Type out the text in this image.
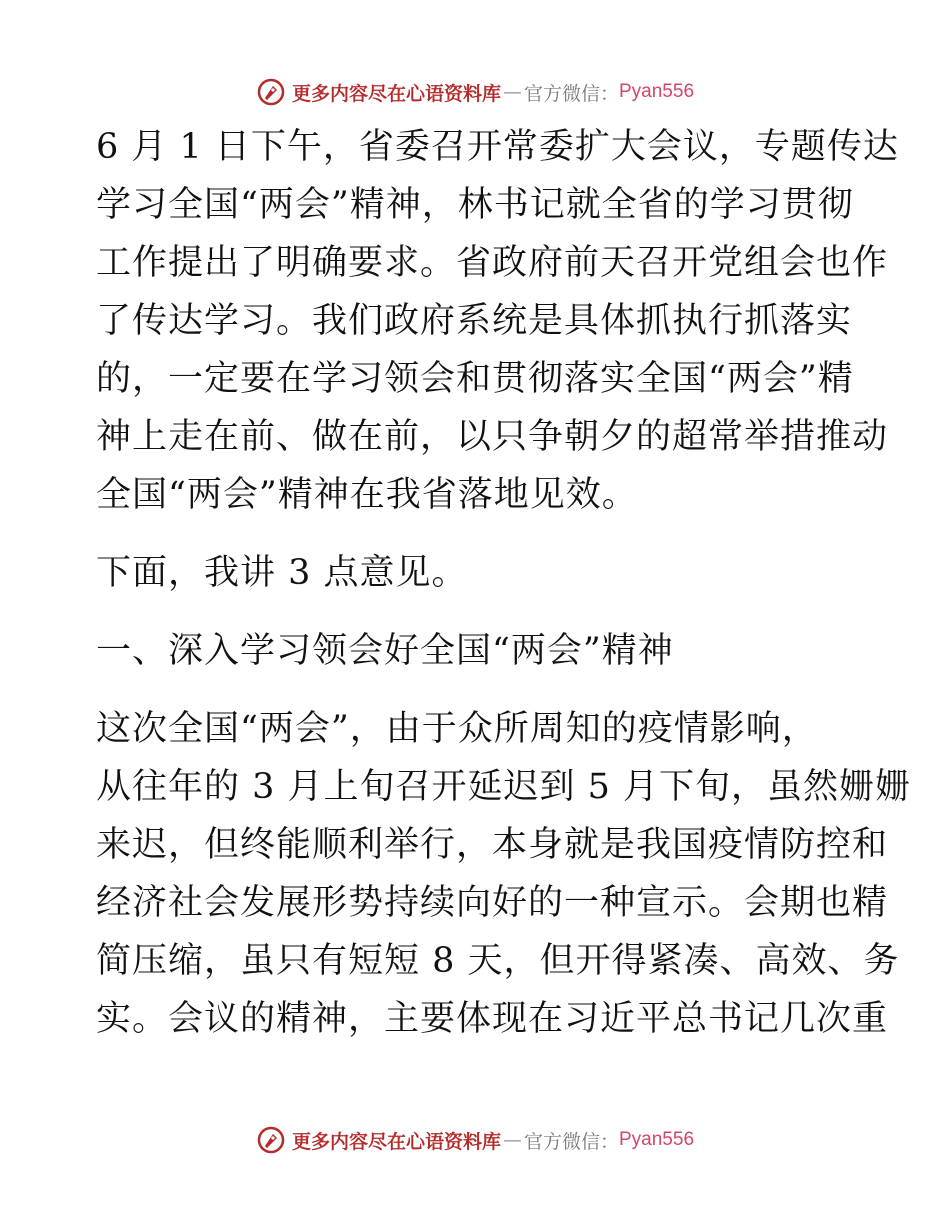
更多内容尽在心语资料库 — 官方微信： Pyan556
6 月 1 日下午，省委召开常委扩大会议，专题传达
学习全国“两会”精神，林书记就全省的学习贯彻
工作提出了明确要求。省政府前天召开党组会也作
了传达学习。我们政府系统是具体抓执行抓落实
的，一定要在学习领会和贯彻落实全国“两会”精
神上走在前、做在前，以只争朝夕的超常举措推动
全国“两会”精神在我省落地见效。
下面，我讲 3 点意见。
一、深入学习领会好全国“两会”精神
这次全国“两会”，由于众所周知的疫情影响，
从往年的 3 月上旬召开延迟到 5 月下旬，虽然姗姗
来迟，但终能顺利举行，本身就是我国疫情防控和
经济社会发展形势持续向好的一种宣示。会期也精
简压缩，虽只有短短 8 天，但开得紧凑、高效、务
实。会议的精神，主要体现在习近平总书记几次重
更多内容尽在心语资料库 — 官方微信： Pyan556
